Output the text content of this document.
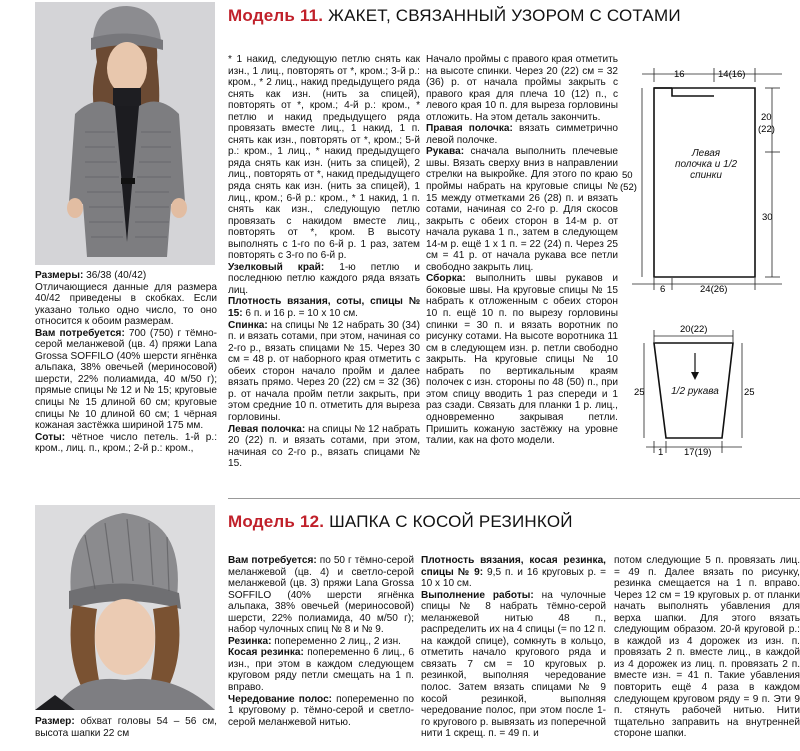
Модель 11. ЖАКЕТ, СВЯЗАННЫЙ УЗОРОМ С СОТАМИ

Размеры: 36/38 (40/42)

Отличающиеся данные для размера 40/42 приведены в скобках. Если указано только одно число, то оно относится к обоим размерам.

Вам потребуется: 700 (750) г тёмно-серой меланжевой (цв. 4) пряжи Lana Grossa SOFFILO (40% шерсти ягнёнка альпака, 38% овечьей (мериносовой) шерсти, 22% полиамида, 40 м/50 г); прямые спицы № 12 и № 15; круговые спицы № 15 длиной 60 см; круговые спицы № 10 длиной 60 см; 1 чёрная кожаная застёжка шириной 175 мм.

Соты: чётное число петель. 1-й р.: кром., лиц. п., кром.; 2-й р.: кром.,

* 1 накид, следующую петлю снять как изн., 1 лиц., повторять от *, кром.; 3-й р.: кром., * 2 лиц., накид предыдущего ряда снять как изн. (нить за спицей), повторять от *, кром.; 4-й р.: кром., * петлю и накид предыдущего ряда провязать вместе лиц., 1 накид, 1 п. снять как изн., повторять от *, кром.; 5-й р.: кром., 1 лиц., * накид предыдущего ряда снять как изн. (нить за спицей), 2 лиц., повторять от *, накид предыдущего ряда снять как изн. (нить за спицей), 1 лиц., кром.; 6-й р.: кром., * 1 накид, 1 п. снять как изн., следующую петлю провязать с накидом вместе лиц., повторять от *, кром. В высоту выполнять с 1-го по 6-й р. 1 раз, затем повторять с 3-го по 6-й р.

Узелковый край: 1-ю петлю и последнюю петлю каждого ряда вязать лиц.

Плотность вязания, соты, спицы № 15: 6 п. и 16 р. = 10 х 10 см.

Спинка: на спицы № 12 набрать 30 (34) п. и вязать сотами, при этом, начиная со 2-го р., вязать спицами № 15. Через 30 см = 48 р. от наборного края отметить с обеих сторон начало пройм и далее вязать прямо. Через 20 (22) см = 32 (36) р. от начала пройм петли закрыть, при этом средние 10 п. отметить для выреза горловины.

Левая полочка: на спицы № 12 набрать 20 (22) п. и вязать сотами, при этом, начиная со 2-го р., вязать спицами № 15.

Начало проймы с правого края отметить на высоте спинки. Через 20 (22) см = 32 (36) р. от начала проймы закрыть с правого края для плеча 10 (12) п., с левого края 10 п. для выреза горловины отложить. На этом деталь закончить.

Правая полочка: вязать симметрично левой полочке.

Рукава: сначала выполнить плечевые швы. Вязать сверху вниз в направлении стрелки на выкройке. Для этого по краю проймы набрать на круговые спицы № 15 между отметками 26 (28) п. и вязать сотами, начиная со 2-го р. Для скосов закрыть с обеих сторон в 14-м р. от начала рукава 1 п., затем в следующем 14-м р. ещё 1 х 1 п. = 22 (24) п. Через 25 см = 41 р. от начала рукава все петли свободно закрыть лиц.

Сборка: выполнить швы рукавов и боковые швы. На круговые спицы № 15 набрать к отложенным с обеих сторон 10 п. ещё 10 п. по вырезу горловины спинки = 30 п. и вязать воротник по рисунку сотами. На высоте воротника 11 см в следующем изн. р. петли свободно закрыть. На круговые спицы № 10 набрать по вертикальным краям полочек с изн. стороны по 48 (50) п., при этом спицу вводить 1 раз спереди и 1 раз сзади. Связать для планки 1 р. лиц., одновременно закрывая петли. Пришить кожаную застёжку на уровне талии, как на фото модели.

16	14(16)
20
(22)
50
(52)
30
6	24(26)
20(22)
25	25
1 17(19)
Левая полочка и 1/2 спинки
1/2 рукава
Модель 12. ШАПКА С КОСОЙ РЕЗИНКОЙ

Размер: обхват головы 54 – 56 см, высота шапки 22 см

Вам потребуется: по 50 г тёмно-серой меланжевой (цв. 4) и светло-серой меланжевой (цв. 3) пряжи Lana Grossa SOFFILO (40% шерсти ягнёнка альпака, 38% овечьей (мериносовой) шерсти, 22% полиамида, 40 м/50 г); набор чулочных спиц № 8 и № 9.

Резинка: попеременно 2 лиц., 2 изн.

Косая резинка: попеременно 6 лиц., 6 изн., при этом в каждом следующем круговом ряду петли смещать на 1 п. вправо.

Чередование полос: попеременно по 1 круговому р. тёмно-серой и светло-серой меланжевой нитью.

Плотность вязания, косая резинка, спицы № 9: 9,5 п. и 16 круговых р. = 10 х 10 см.

Выполнение работы: на чулочные спицы № 8 набрать тёмно-серой меланжевой нитью 48 п., распределить их на 4 спицы (= по 12 п. на каждой спице), сомкнуть в кольцо, отметить начало кругового ряда и связать 7 см = 10 круговых р. резинкой, выполняя чередование полос. Затем вязать спицами № 9 косой резинкой, выполняя чередование полос, при этом после 1-го кругового р. вывязать из поперечной нити 1 скрещ. п. = 49 п. и

потом следующие 5 п. провязать лиц. = 49 п. Далее вязать по рисунку, резинка смещается на 1 п. вправо. Через 12 см = 19 круговых р. от планки начать выполнять убавления для верха шапки. Для этого вязать следующим образом. 20-й круговой р.: в каждой из 4 дорожек из изн. п. провязать 2 п. вместе лиц., в каждой из 4 дорожек из лиц. п. провязать 2 п. вместе изн. = 41 п. Такие убавления повторить ещё 4 раза в каждом следующем круговом ряду = 9 п. Эти 9 п. стянуть рабочей нитью. Нити тщательно заправить на внутренней стороне шапки.
